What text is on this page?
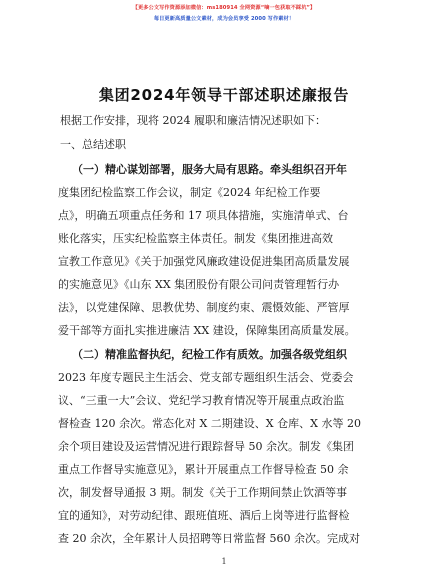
【更多公文写作资源添加微信：ms180914 全网资源“嘀一包获取不踩坑”】
每日更新高质量公文素材，成为会员享受 2000 写作素材！
集团2024年领导干部述职述廉报告
根据工作安排，现将 2024 履职和廉洁情况述职如下：
一、总结述职
（一）精心谋划部署，服务大局有思路。牵头组织召开年
度集团纪检监察工作会议，制定《2024 年纪检工作要
点》，明确五项重点任务和 17 项具体措施，实施清单式、台
账化落实，压实纪检监察主体责任。制发《集团推进高效
宣教工作意见》《关于加强党风廉政建设促进集团高质量发展
的实施意见》《山东 XX 集团股份有限公司问责管理暂行办
法》，以党建保障、思教优势、制度约束、震慑效能、严管厚
爱干部等方面扎实推进廉洁 XX 建设，保障集团高质量发展。
（二）精准监督执纪，纪检工作有质效。加强各级党组织
2023 年度专题民主生活会、党支部专题组织生活会、党委会
议、“三重一大”会议、党纪学习教育情况等开展重点政治监
督检查 120 余次。常态化对 X 二期建设、X 仓库、X 水等 20
余个项目建设及运营情况进行跟踪督导 50 余次。制发《集团
重点工作督导实施意见》，累计开展重点工作督导检查 50 余
次，制发督导通报 3 期。制发《关于工作期间禁止饮酒等事
宜的通知》，对劳动纪律、跟班值班、酒后上岗等进行监督检
查 20 余次，全年累计人员招聘等日常监督 560 余次。完成对
1
